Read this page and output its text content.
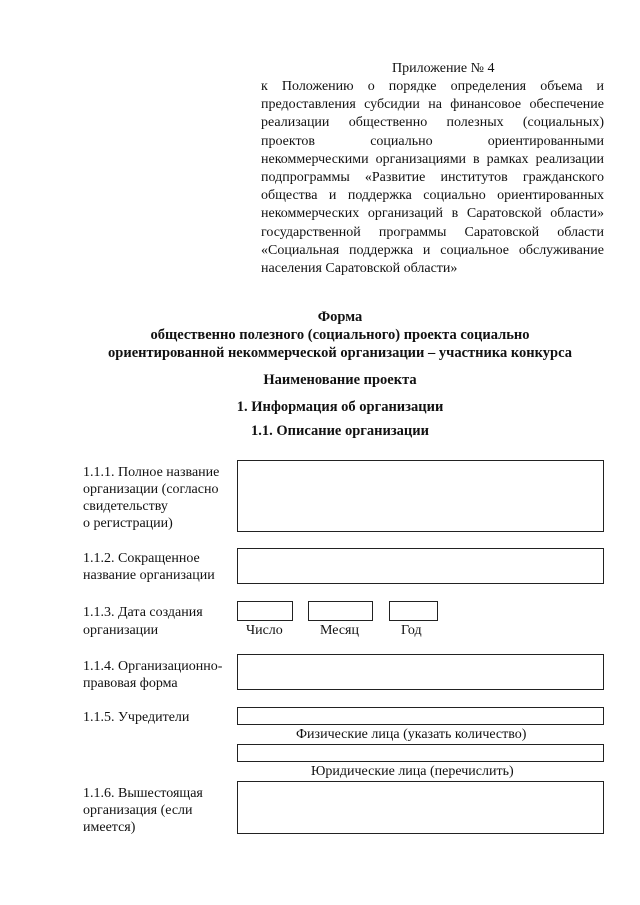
Приложение № 4
к Положению о порядке определения объема и предоставления субсидии на финансовое обеспечение реализации общественно полезных (социальных) проектов социально ориентированными некоммерческими организациями в рамках реализации подпрограммы «Развитие институтов гражданского общества и поддержка социально ориентированных некоммерческих организаций в Саратовской области» государственной программы Саратовской области «Социальная поддержка и социальное обслуживание населения Саратовской области»
Форма
общественно полезного (социального) проекта социально
ориентированной некоммерческой организации – участника конкурса
Наименование проекта
1. Информация об организации
1.1. Описание организации
1.1.1. Полное название
организации (согласно
свидетельству
о регистрации)
1.1.2. Сокращенное
название организации
1.1.3. Дата создания
организации	Число	Месяц	Год
1.1.4. Организационно-
правовая форма
1.1.5. Учредители
Физические лица (указать количество)
Юридические лица (перечислить)
1.1.6. Вышестоящая
организация (если
имеется)
